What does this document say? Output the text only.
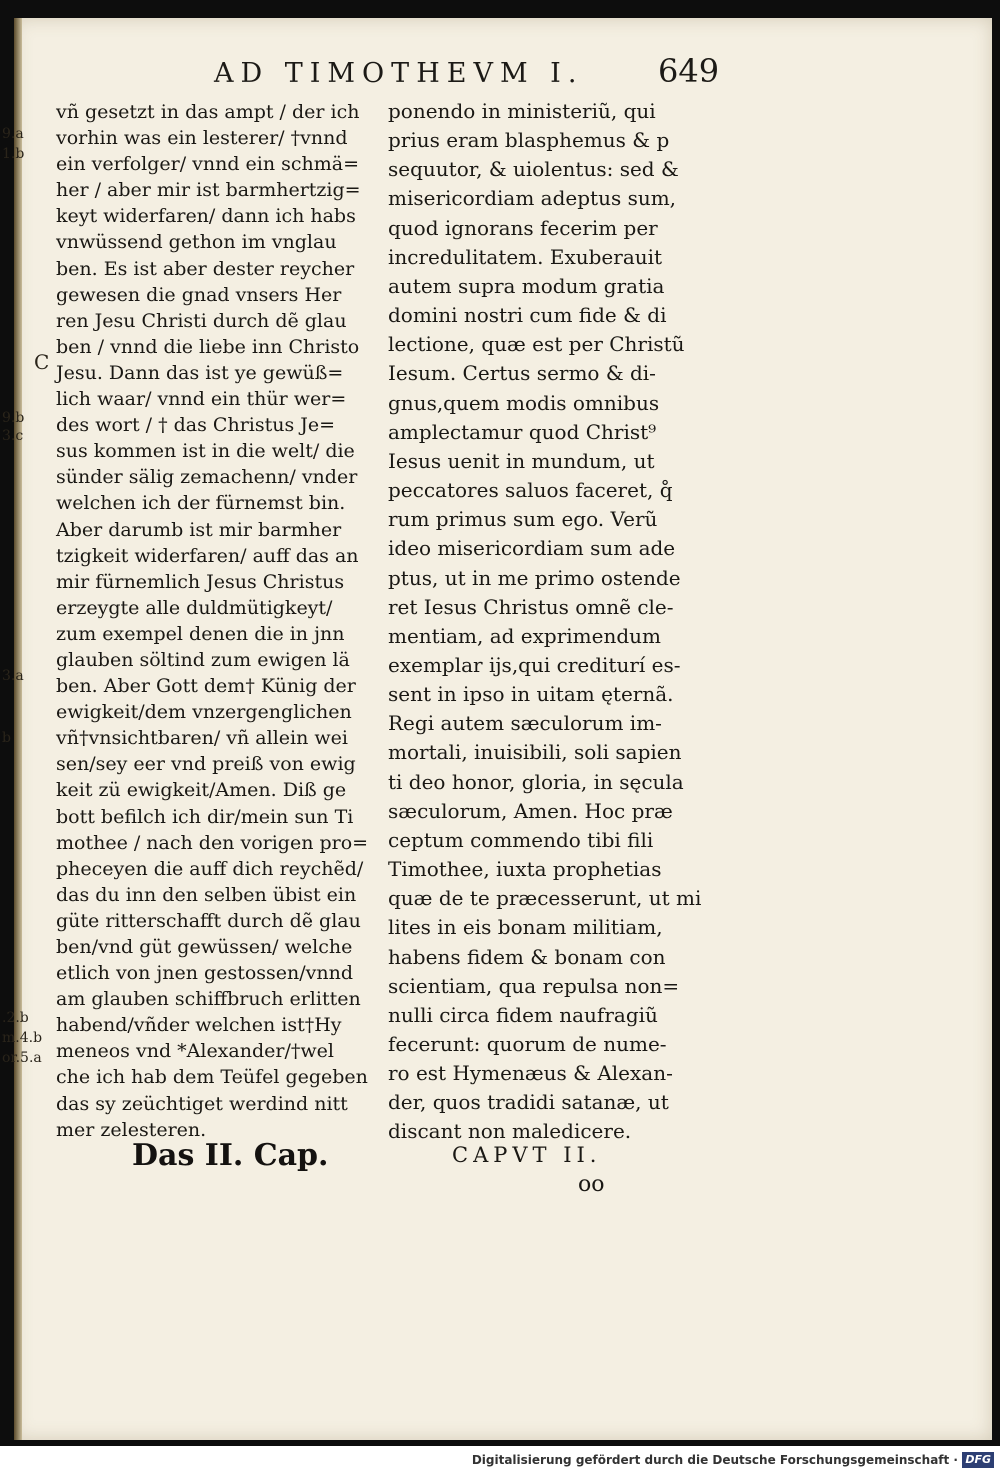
9.a
1.b
C
9.b
3.c
3.a
b
.2.b
m.4.b
or.5.a
AD TIMOTHEVM I. 649
vñ gesetzt in das ampt / der ich
vorhin was ein lesterer/ †vnnd
ein verfolger/ vnnd ein schmä=
her / aber mir ist barmhertzig=
keyt widerfaren/ dann ich habs
vnwüssend gethon im vnglau
ben. Es ist aber dester reycher
gewesen die gnad vnsers Her
ren Jesu Christi durch dẽ glau
ben / vnnd die liebe inn Christo
Jesu. Dann das ist ye gewüß=
lich waar/ vnnd ein thür wer=
des wort / † das Christus Je=
sus kommen ist in die welt/ die
sünder sälig zemachenn/ vnder
welchen ich der fürnemst bin.
Aber darumb ist mir barmher
tzigkeit widerfaren/ auff das an
mir fürnemlich Jesus Christus
erzeygte alle duldmütigkeyt/
zum exempel denen die in jnn
glauben söltind zum ewigen lä
ben. Aber Gott dem† Künig der
ewigkeit/dem vnzergenglichen
vñ†vnsichtbaren/ vñ allein wei
sen/sey eer vnd preiß von ewig
keit zü ewigkeit/Amen. Diß ge
bott befilch ich dir/mein sun Ti
mothee / nach den vorigen pro=
pheceyen die auff dich reychẽd/
das du inn den selben übist ein
güte ritterschafft durch dẽ glau
ben/vnd güt gewüssen/ welche
etlich von jnen gestossen/vnnd
am glauben schiffbruch erlitten
habend/vñder welchen ist†Hy
meneos vnd *Alexander/†wel
che ich hab dem Teüfel gegeben
das sy zeüchtiget werdind nitt
mer zelesteren.
ponendo in ministeriũ, qui
prius eram blasphemus & p
sequutor, & uiolentus: sed &
misericordiam adeptus sum,
quod ignorans fecerim per
incredulitatem. Exuberauit
autem supra modum gratia
domini nostri cum fide & di
lectione, quæ est per Christũ
Iesum. Certus sermo & di-
gnus,quem modis omnibus
amplectamur quod Christ⁹
Iesus uenit in mundum, ut
peccatores saluos faceret, q̊
rum primus sum ego. Verũ
ideo misericordiam sum ade
ptus, ut in me primo ostende
ret Iesus Christus omnẽ cle-
mentiam, ad exprimendum
exemplar ijs,qui crediturí es-
sent in ipso in uitam ęternã.
Regi autem sæculorum im-
mortali, inuisibili, soli sapien
ti deo honor, gloria, in sęcula
sæculorum, Amen. Hoc præ
ceptum commendo tibi fili
Timothee, iuxta prophetias
quæ de te præcesserunt, ut mi
lites in eis bonam militiam,
habens fidem & bonam con
scientiam, qua repulsa non=
nulli circa fidem naufragiũ
fecerunt: quorum de nume-
ro est Hymenæus & Alexan-
der, quos tradidi satanæ, ut
discant non maledicere.
Das II. Cap.	CAPVT II.
oo
Digitalisierung gefördert durch die Deutsche Forschungsgemeinschaft · DFG
